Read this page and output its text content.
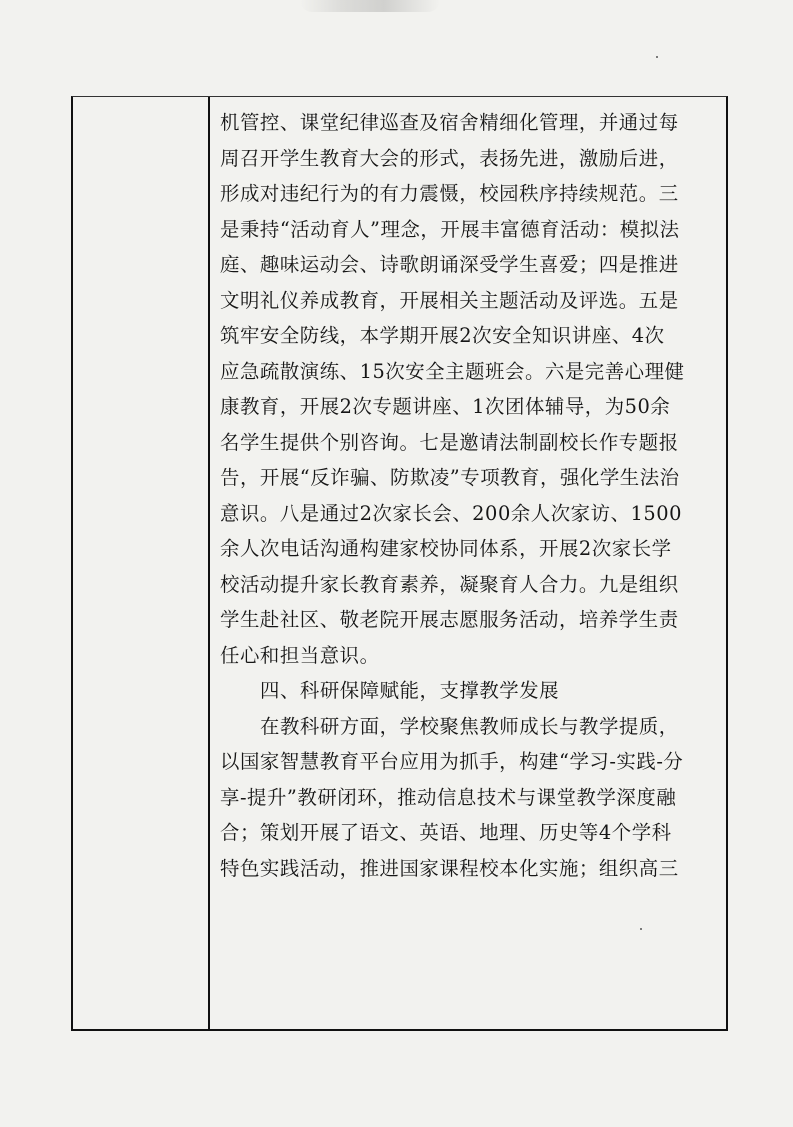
机管控、课堂纪律巡查及宿舍精细化管理，并通过每
周召开学生教育大会的形式，表扬先进，激励后进，
形成对违纪行为的有力震慑，校园秩序持续规范。三
是秉持“活动育人”理念，开展丰富德育活动：模拟法
庭、趣味运动会、诗歌朗诵深受学生喜爱；四是推进
文明礼仪养成教育，开展相关主题活动及评选。五是
筑牢安全防线，本学期开展2次安全知识讲座、4次
应急疏散演练、15次安全主题班会。六是完善心理健
康教育，开展2次专题讲座、1次团体辅导，为50余
名学生提供个别咨询。七是邀请法制副校长作专题报
告，开展“反诈骗、防欺凌”专项教育，强化学生法治
意识。八是通过2次家长会、200余人次家访、1500
余人次电话沟通构建家校协同体系，开展2次家长学
校活动提升家长教育素养，凝聚育人合力。九是组织
学生赴社区、敬老院开展志愿服务活动，培养学生责
任心和担当意识。
四、科研保障赋能，支撑教学发展
在教科研方面，学校聚焦教师成长与教学提质，
以国家智慧教育平台应用为抓手，构建“学习-实践-分
享-提升”教研闭环，推动信息技术与课堂教学深度融
合；策划开展了语文、英语、地理、历史等4个学科
特色实践活动，推进国家课程校本化实施；组织高三
